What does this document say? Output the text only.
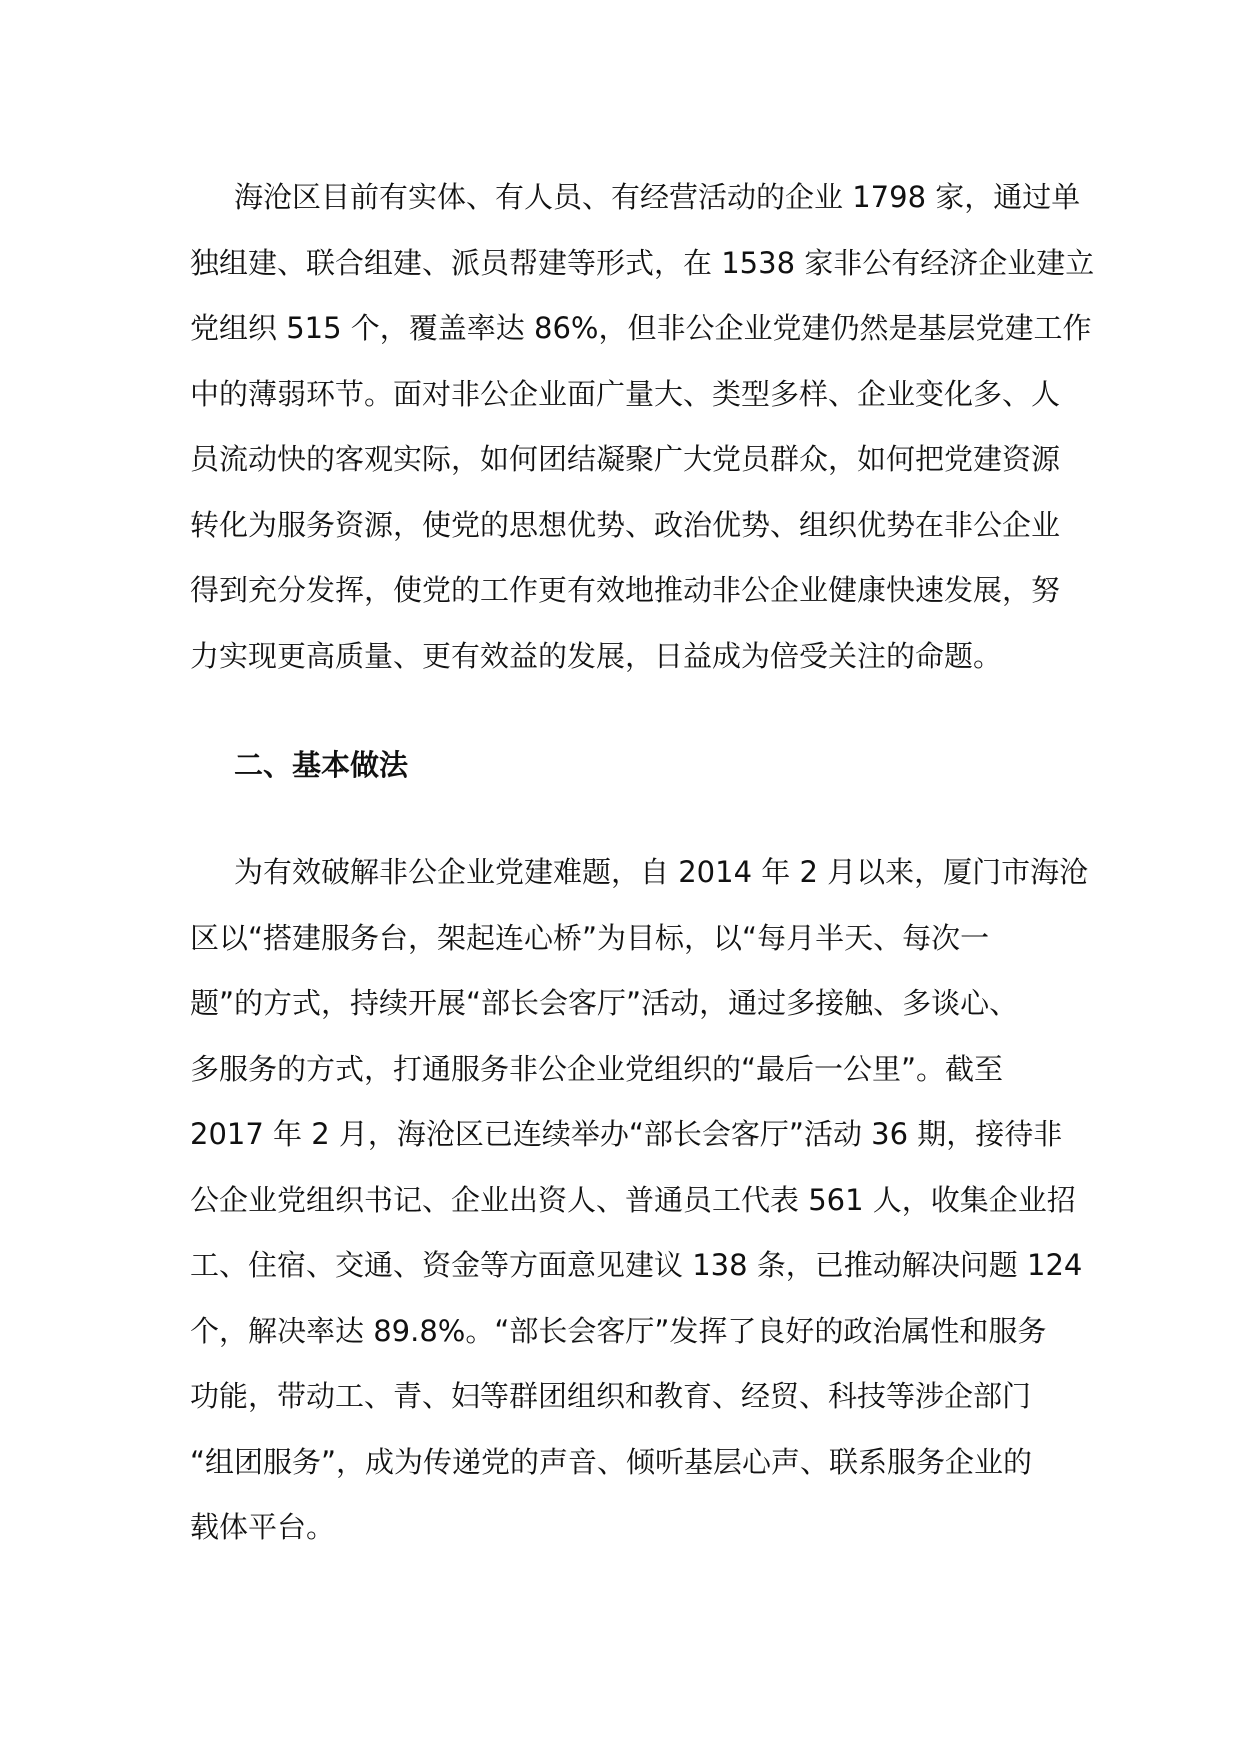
海沧区目前有实体、有人员、有经营活动的企业 1798 家，通过单
独组建、联合组建、派员帮建等形式，在 1538 家非公有经济企业建立
党组织 515 个，覆盖率达 86%，但非公企业党建仍然是基层党建工作
中的薄弱环节。面对非公企业面广量大、类型多样、企业变化多、人
员流动快的客观实际，如何团结凝聚广大党员群众，如何把党建资源
转化为服务资源，使党的思想优势、政治优势、组织优势在非公企业
得到充分发挥，使党的工作更有效地推动非公企业健康快速发展，努
力实现更高质量、更有效益的发展，日益成为倍受关注的命题。
二、基本做法
为有效破解非公企业党建难题，自 2014 年 2 月以来，厦门市海沧
区以“搭建服务台，架起连心桥”为目标，以“每月半天、每次一
题”的方式，持续开展“部长会客厅”活动，通过多接触、多谈心、
多服务的方式，打通服务非公企业党组织的“最后一公里”。截至
2017 年 2 月，海沧区已连续举办“部长会客厅”活动 36 期，接待非
公企业党组织书记、企业出资人、普通员工代表 561 人，收集企业招
工、住宿、交通、资金等方面意见建议 138 条，已推动解决问题 124
个，解决率达 89.8%。“部长会客厅”发挥了良好的政治属性和服务
功能，带动工、青、妇等群团组织和教育、经贸、科技等涉企部门
“组团服务”，成为传递党的声音、倾听基层心声、联系服务企业的
载体平台。
